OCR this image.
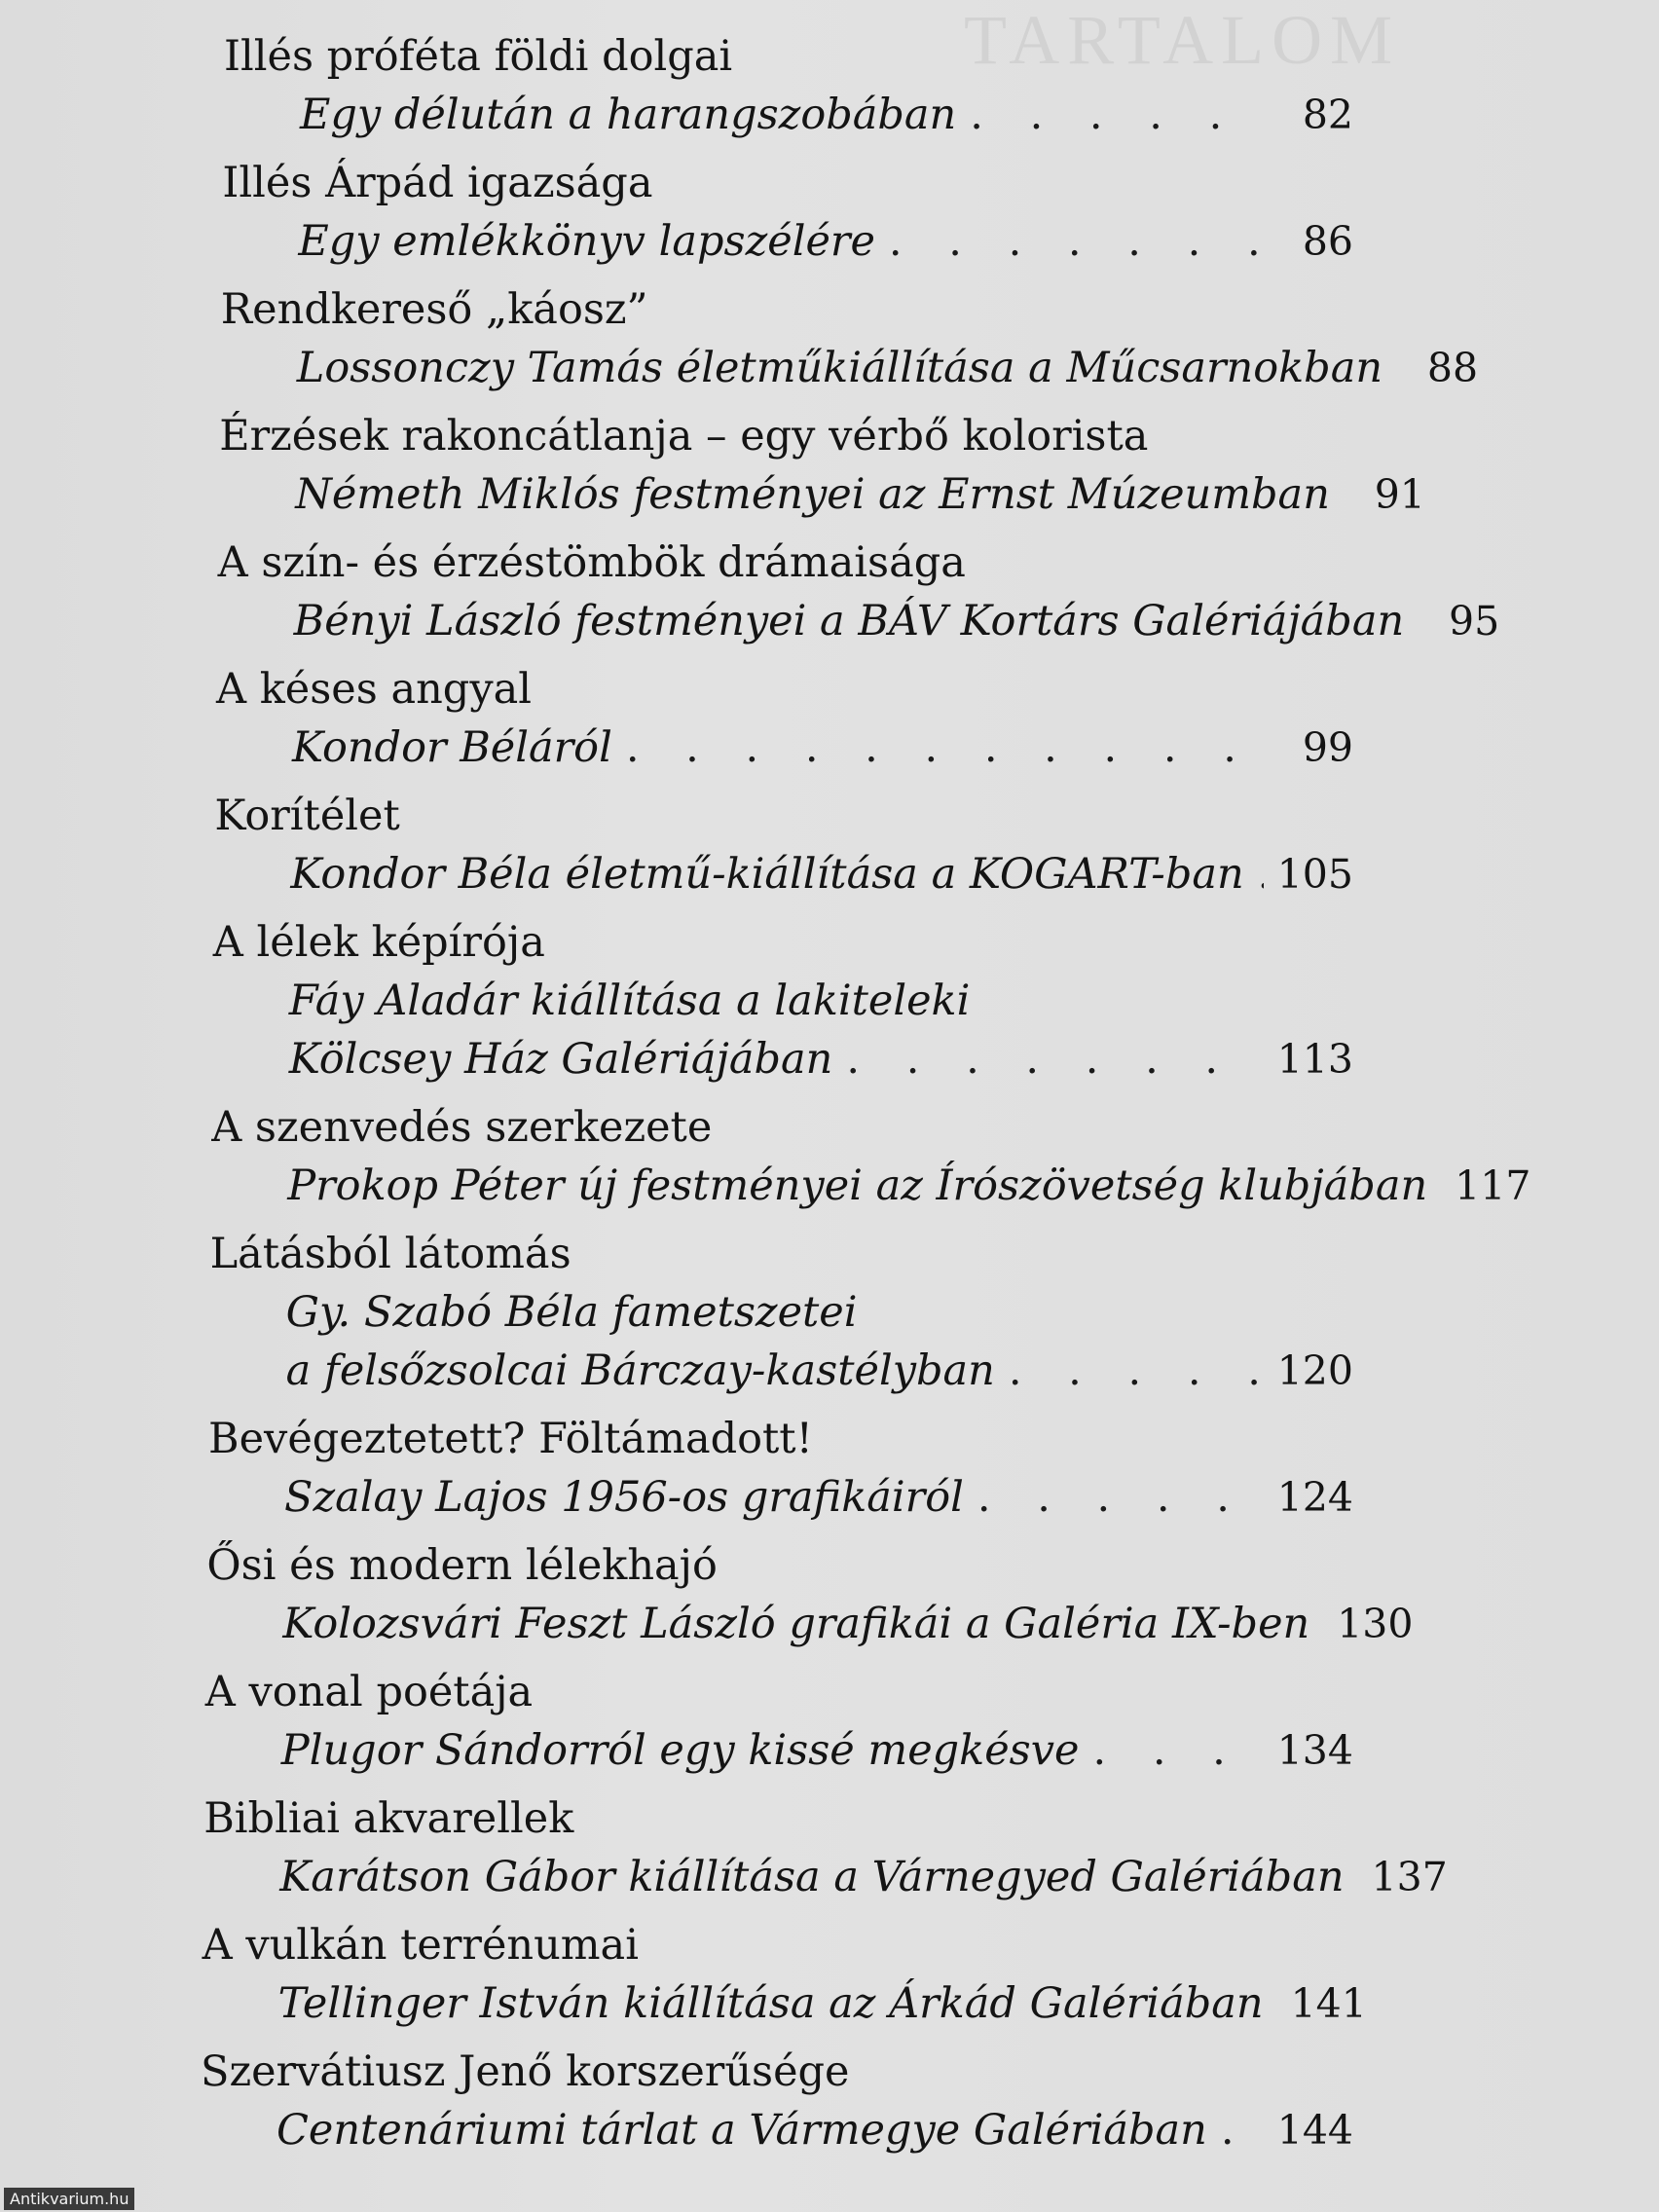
TARTALOM
Illés próféta földi dolgai
Egy délután a harangszobában . . .	82
Illés Árpád igazsága
Egy emlékkönyv lapszélére . . .	86
Rendkereső „káosz”
Lossonczy Tamás életműkiállítása a Műcsarnokban	88
Érzések rakoncátlanja – egy vérbő kolorista
Németh Miklós festményei az Ernst Múzeumban	91
A szín- és érzéstömbök drámaisága
Bényi László festményei a BÁV Kortárs Galériájában	95
A késes angyal
Kondor Béláról . . .	99
Korítélet
Kondor Béla életmű-kiállítása a KOGART-ban . . . 105
A lélek képírója
Fáy Aladár kiállítása a lakiteleki
Kölcsey Ház Galériájában . . .	113
A szenvedés szerkezete
Prokop Péter új festményei az Írószövetség klubjában 117
Látásból látomás
Gy. Szabó Béla fametszetei
a felsőzsolcai Bárczay-kastélyban . . .	120
Bevégeztetett? Föltámadott!
Szalay Lajos 1956-os grafikáiról . . .	124
Ősi és modern lélekhajó
Kolozsvári Feszt László grafikái a Galéria IX-ben 130
A vonal poétája
Plugor Sándorról egy kissé megkésve . . .	134
Bibliai akvarellek
Karátson Gábor kiállítása a Várnegyed Galériában 137
A vulkán terrénumai
Tellinger István kiállítása az Árkád Galériában 141
Szervátiusz Jenő korszerűsége
Centenáriumi tárlat a Vármegye Galériában . . . 144
Antikvarium.hu
